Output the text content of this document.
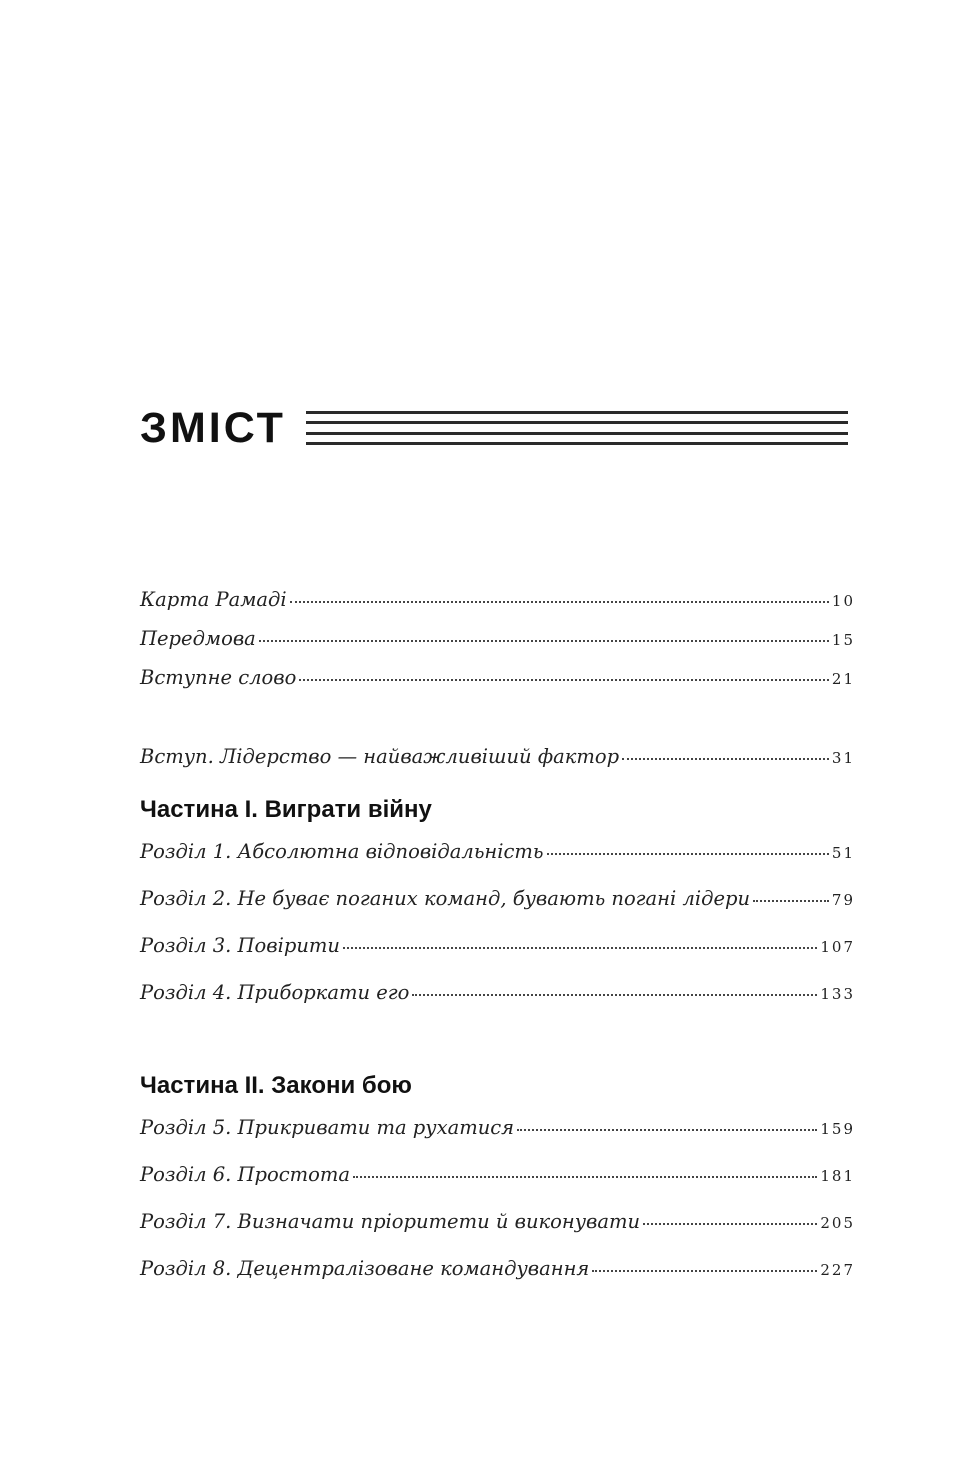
ЗМІСТ
Карта Рамаді	10
Передмова	15
Вступне слово	21
Вступ. Лідерство — найважливіший фактор	31
Частина І. Виграти війну
Розділ 1. Абсолютна відповідальність	51
Розділ 2. Не буває поганих команд, бувають погані лідери	79
Розділ 3. Повірити	107
Розділ 4. Приборкати его	133
Частина ІІ. Закони бою
Розділ 5. Прикривати та рухатися	159
Розділ 6. Простота	181
Розділ 7. Визначати пріоритети й виконувати	205
Розділ 8. Децентралізоване командування	227
